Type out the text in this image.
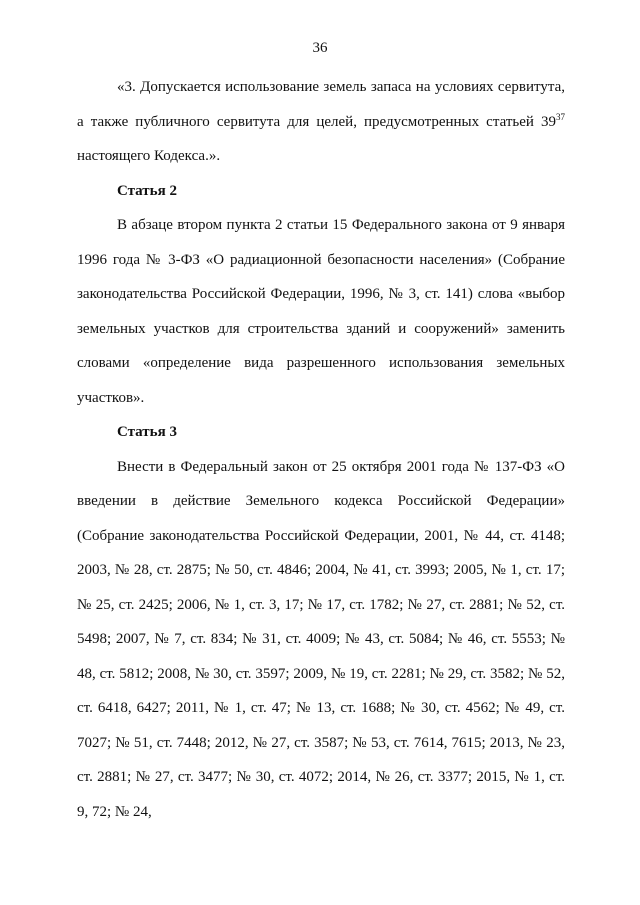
36

«3. Допускается использование земель запаса на условиях сервитута, а также публичного сервитута для целей, предусмотренных статьей $39^{37}$ настоящего Кодекса.».

Статья 2

В абзаце втором пункта 2 статьи 15 Федерального закона от 9 января 1996 года № 3-ФЗ «О радиационной безопасности населения» (Собрание законодательства Российской Федерации, 1996, № 3, ст. 141) слова «выбор земельных участков для строительства зданий и сооружений» заменить словами «определение вида разрешенного использования земельных участков».

Статья 3

Внести в Федеральный закон от 25 октября 2001 года № 137-ФЗ «О введении в действие Земельного кодекса Российской Федерации» (Собрание законодательства Российской Федерации, 2001, № 44, ст. 4148; 2003, № 28, ст. 2875; № 50, ст. 4846; 2004, № 41, ст. 3993; 2005, № 1, ст. 17; № 25, ст. 2425; 2006, № 1, ст. 3, 17; № 17, ст. 1782; № 27, ст. 2881; № 52, ст. 5498; 2007, № 7, ст. 834; № 31, ст. 4009; № 43, ст. 5084; № 46, ст. 5553; № 48, ст. 5812; 2008, № 30, ст. 3597; 2009, № 19, ст. 2281; № 29, ст. 3582; № 52, ст. 6418, 6427; 2011, № 1, ст. 47; № 13, ст. 1688; № 30, ст. 4562; № 49, ст. 7027; № 51, ст. 7448; 2012, № 27, ст. 3587; № 53, ст. 7614, 7615; 2013, № 23, ст. 2881; № 27, ст. 3477; № 30, ст. 4072; 2014, № 26, ст. 3377; 2015, № 1, ст. 9, 72; № 24,
